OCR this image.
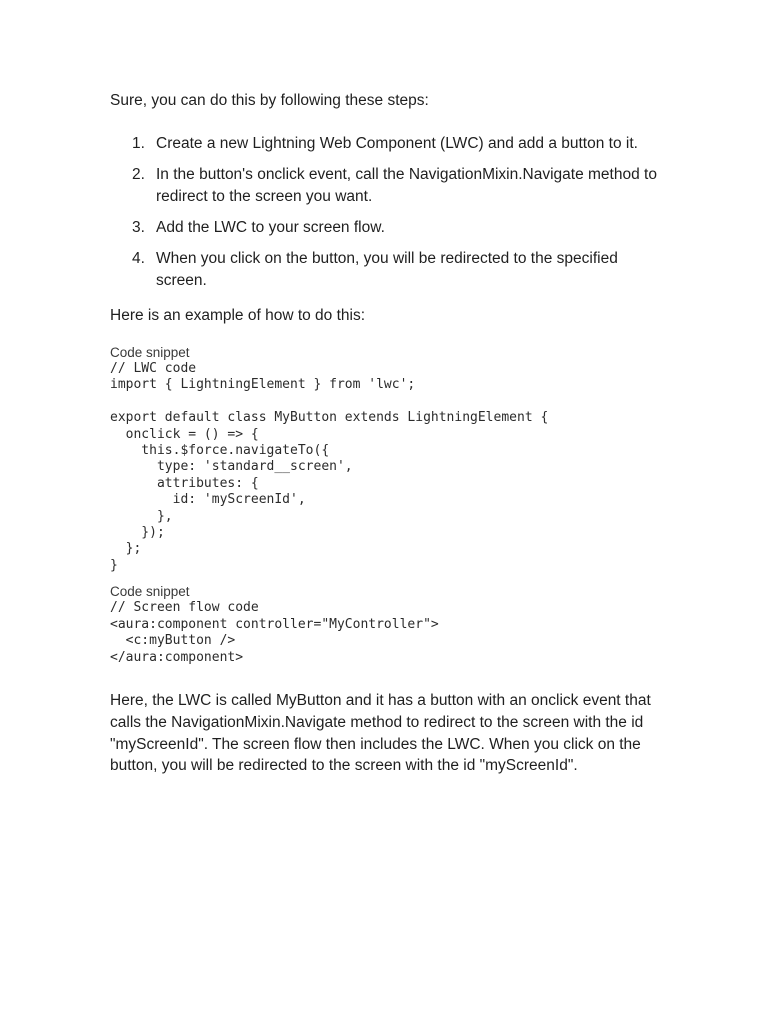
Sure, you can do this by following these steps:

1. Create a new Lightning Web Component (LWC) and add a button to it.
2. In the button's onclick event, call the NavigationMixin.Navigate method to redirect to the screen you want.
3. Add the LWC to your screen flow.
4. When you click on the button, you will be redirected to the specified screen.

Here is an example of how to do this:

Code snippet
// LWC code
import { LightningElement } from 'lwc';

export default class MyButton extends LightningElement {
onclick = () => {
this.$force.navigateTo({
type: 'standard__screen',
attributes: {
id: 'myScreenId',
},
});
};
}
Code snippet
// Screen flow code
<aura:component controller="MyController">
<c:myButton />
</aura:component>

Here, the LWC is called MyButton and it has a button with an onclick event that calls the NavigationMixin.Navigate method to redirect to the screen with the id "myScreenId". The screen flow then includes the LWC. When you click on the button, you will be redirected to the screen with the id "myScreenId".
